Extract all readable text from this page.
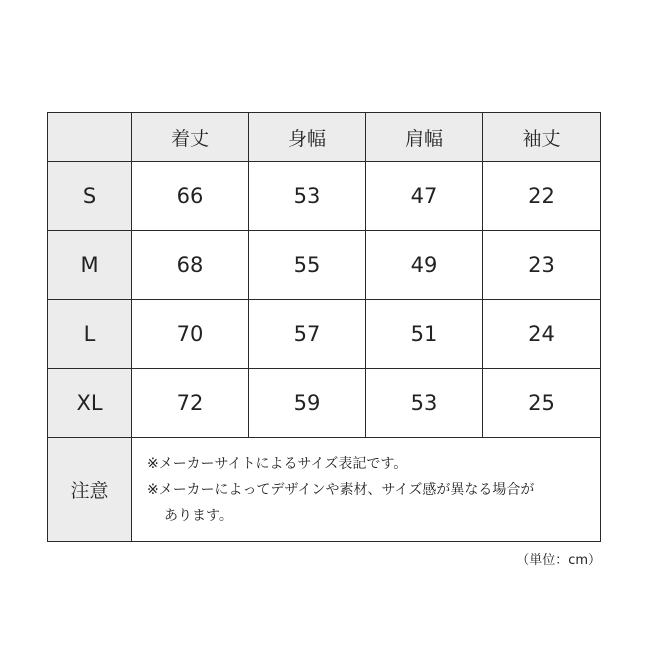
	着丈	身幅	肩幅	袖丈
S	66	53	47	22
M	68	55	49	23
L	70	57	51	24
XL	72	59	53	25
注意	※メーカーサイトによるサイズ表記です。
※メーカーによってデザインや素材、サイズ感が異なる場合が
あります。			
（単位：cm）
